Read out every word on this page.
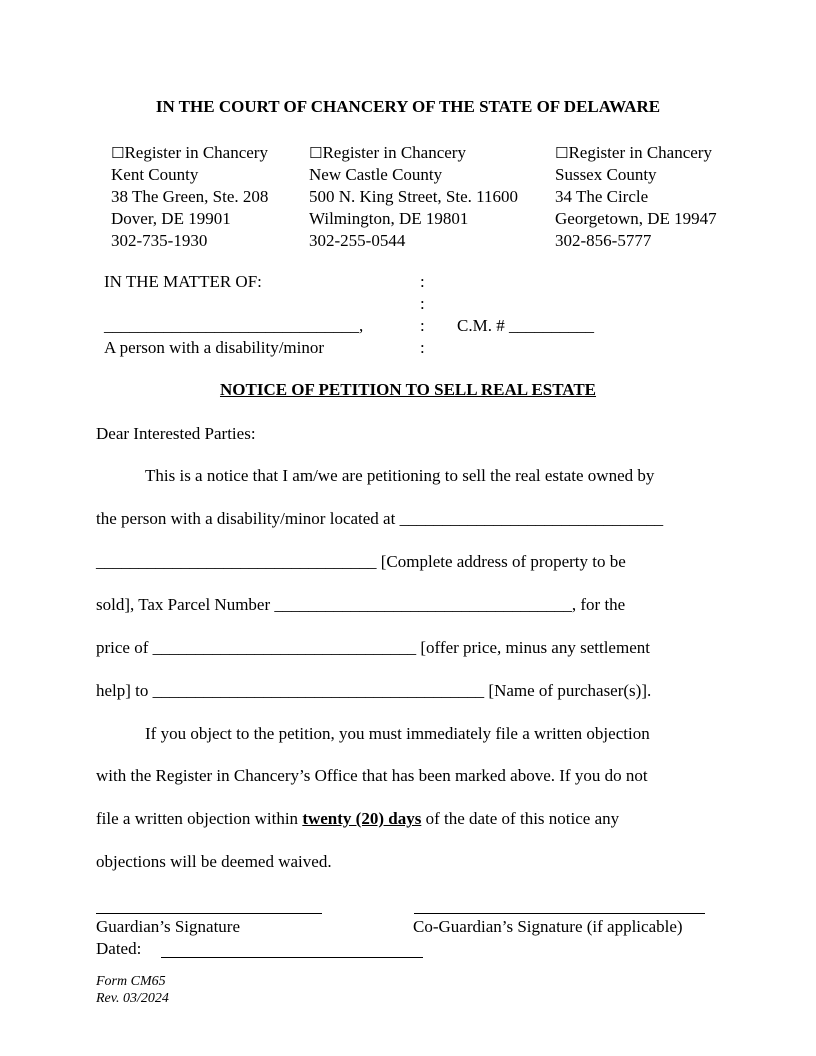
IN THE COURT OF CHANCERY OF THE STATE OF DELAWARE
☐Register in Chancery
Kent County
38 The Green, Ste. 208
Dover, DE 19901
302-735-1930
☐Register in Chancery
New Castle County
500 N. King Street, Ste. 11600
Wilmington, DE 19801
302-255-0544
☐Register in Chancery
Sussex County
34 The Circle
Georgetown, DE 19947
302-856-5777
IN THE MATTER OF:
______________________________,
A person with a disability/minor
:
:
:
:
C.M. # __________
NOTICE OF PETITION TO SELL REAL ESTATE
Dear Interested Parties:
This is a notice that I am/we are petitioning to sell the real estate owned by
the person with a disability/minor located at _______________________________
_________________________________ [Complete address of property to be
sold], Tax Parcel Number ___________________________________, for the
price of _______________________________ [offer price, minus any settlement
help] to _______________________________________ [Name of purchaser(s)].
If you object to the petition, you must immediately file a written objection
with the Register in Chancery’s Office that has been marked above. If you do not
file a written objection within twenty (20) days of the date of this notice any
objections will be deemed waived.
Guardian’s Signature	Co-Guardian’s Signature (if applicable)
Dated:
Form CM65
Rev. 03/2024
